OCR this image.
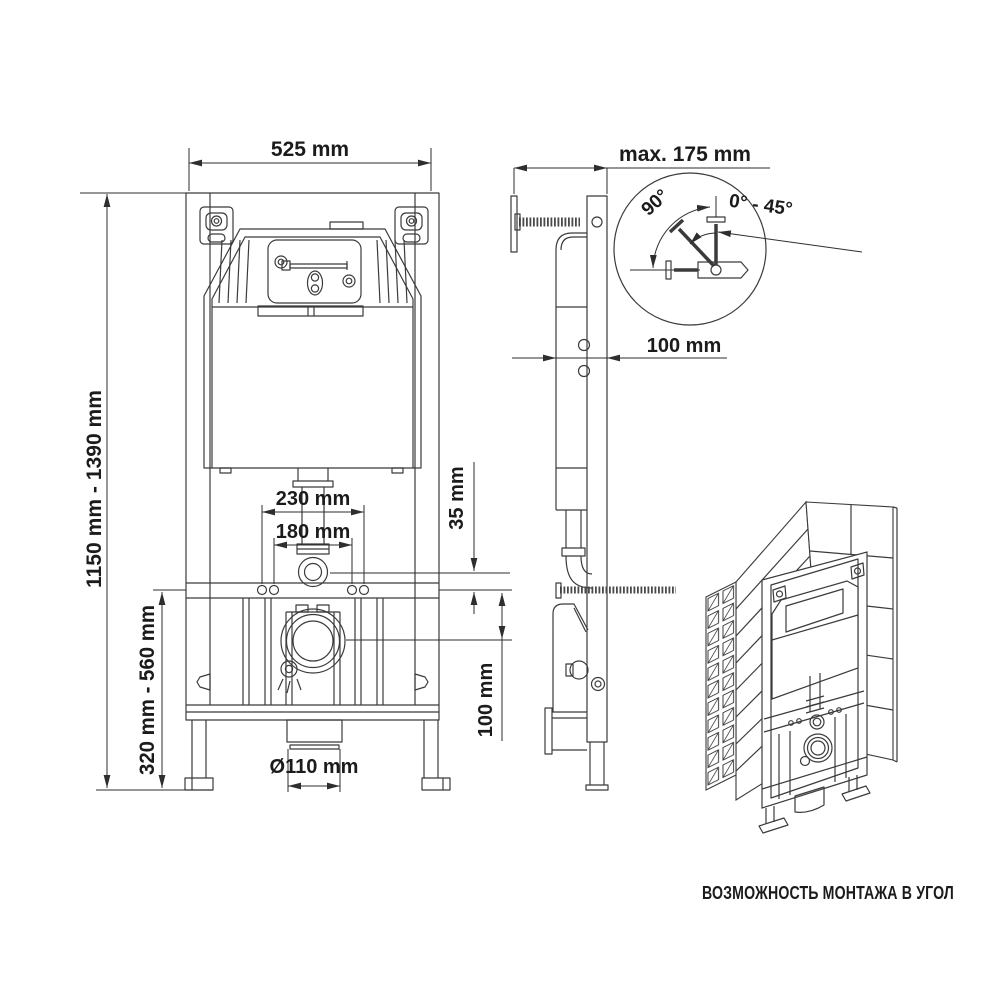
525 mm
1150 mm - 1390 mm
320 mm - 560 mm
230 mm
180 mm
35 mm
100 mm
Ø110 mm
max. 175 mm
100 mm
90°	0° - 45°
ВОЗМОЖНОСТЬ МОНТАЖА В УГОЛ
